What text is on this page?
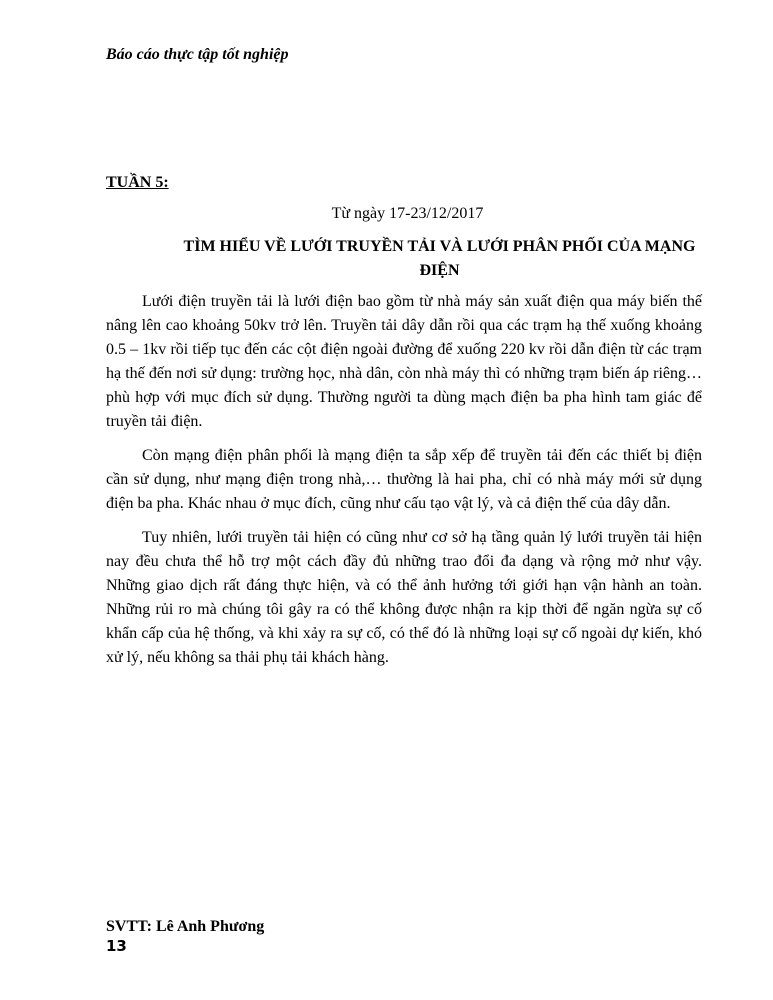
Báo cáo thực tập tốt nghiệp
TUẦN 5:
Từ ngày 17-23/12/2017
TÌM HIỂU VỀ LƯỚI TRUYỀN TẢI VÀ LƯỚI PHÂN PHỐI CỦA MẠNG ĐIỆN

Lưới điện truyền tải là lưới điện bao gồm từ nhà máy sản xuất điện qua máy biến thế nâng lên cao khoảng 50kv trở lên. Truyền tải dây dẫn rồi qua các trạm hạ thế xuống khoảng 0.5 – 1kv rồi tiếp tục đến các cột điện ngoài đường để xuống 220 kv rồi dẫn điện từ các trạm hạ thế đến nơi sử dụng: trường học, nhà dân, còn nhà máy thì có những trạm biến áp riêng… phù hợp với mục đích sử dụng. Thường người ta dùng mạch điện ba pha hình tam giác để truyền tải điện.

Còn mạng điện phân phối là mạng điện ta sắp xếp để truyền tải đến các thiết bị điện cần sử dụng, như mạng điện trong nhà,… thường là hai pha, chỉ có nhà máy mới sử dụng điện ba pha. Khác nhau ở mục đích, cũng như cấu tạo vật lý, và cả điện thế của dây dẫn.

Tuy nhiên, lưới truyền tải hiện có cũng như cơ sở hạ tầng quản lý lưới truyền tải hiện nay đều chưa thể hỗ trợ một cách đầy đủ những trao đổi đa dạng và rộng mở như vậy. Những giao dịch rất đáng thực hiện, và có thể ảnh hưởng tới giới hạn vận hành an toàn. Những rủi ro mà chúng tôi gây ra có thể không được nhận ra kịp thời để ngăn ngừa sự cố khẩn cấp của hệ thống, và khi xảy ra sự cố, có thể đó là những loại sự cố ngoài dự kiến, khó xử lý, nếu không sa thải phụ tải khách hàng.

SVTT: Lê Anh Phương
13
